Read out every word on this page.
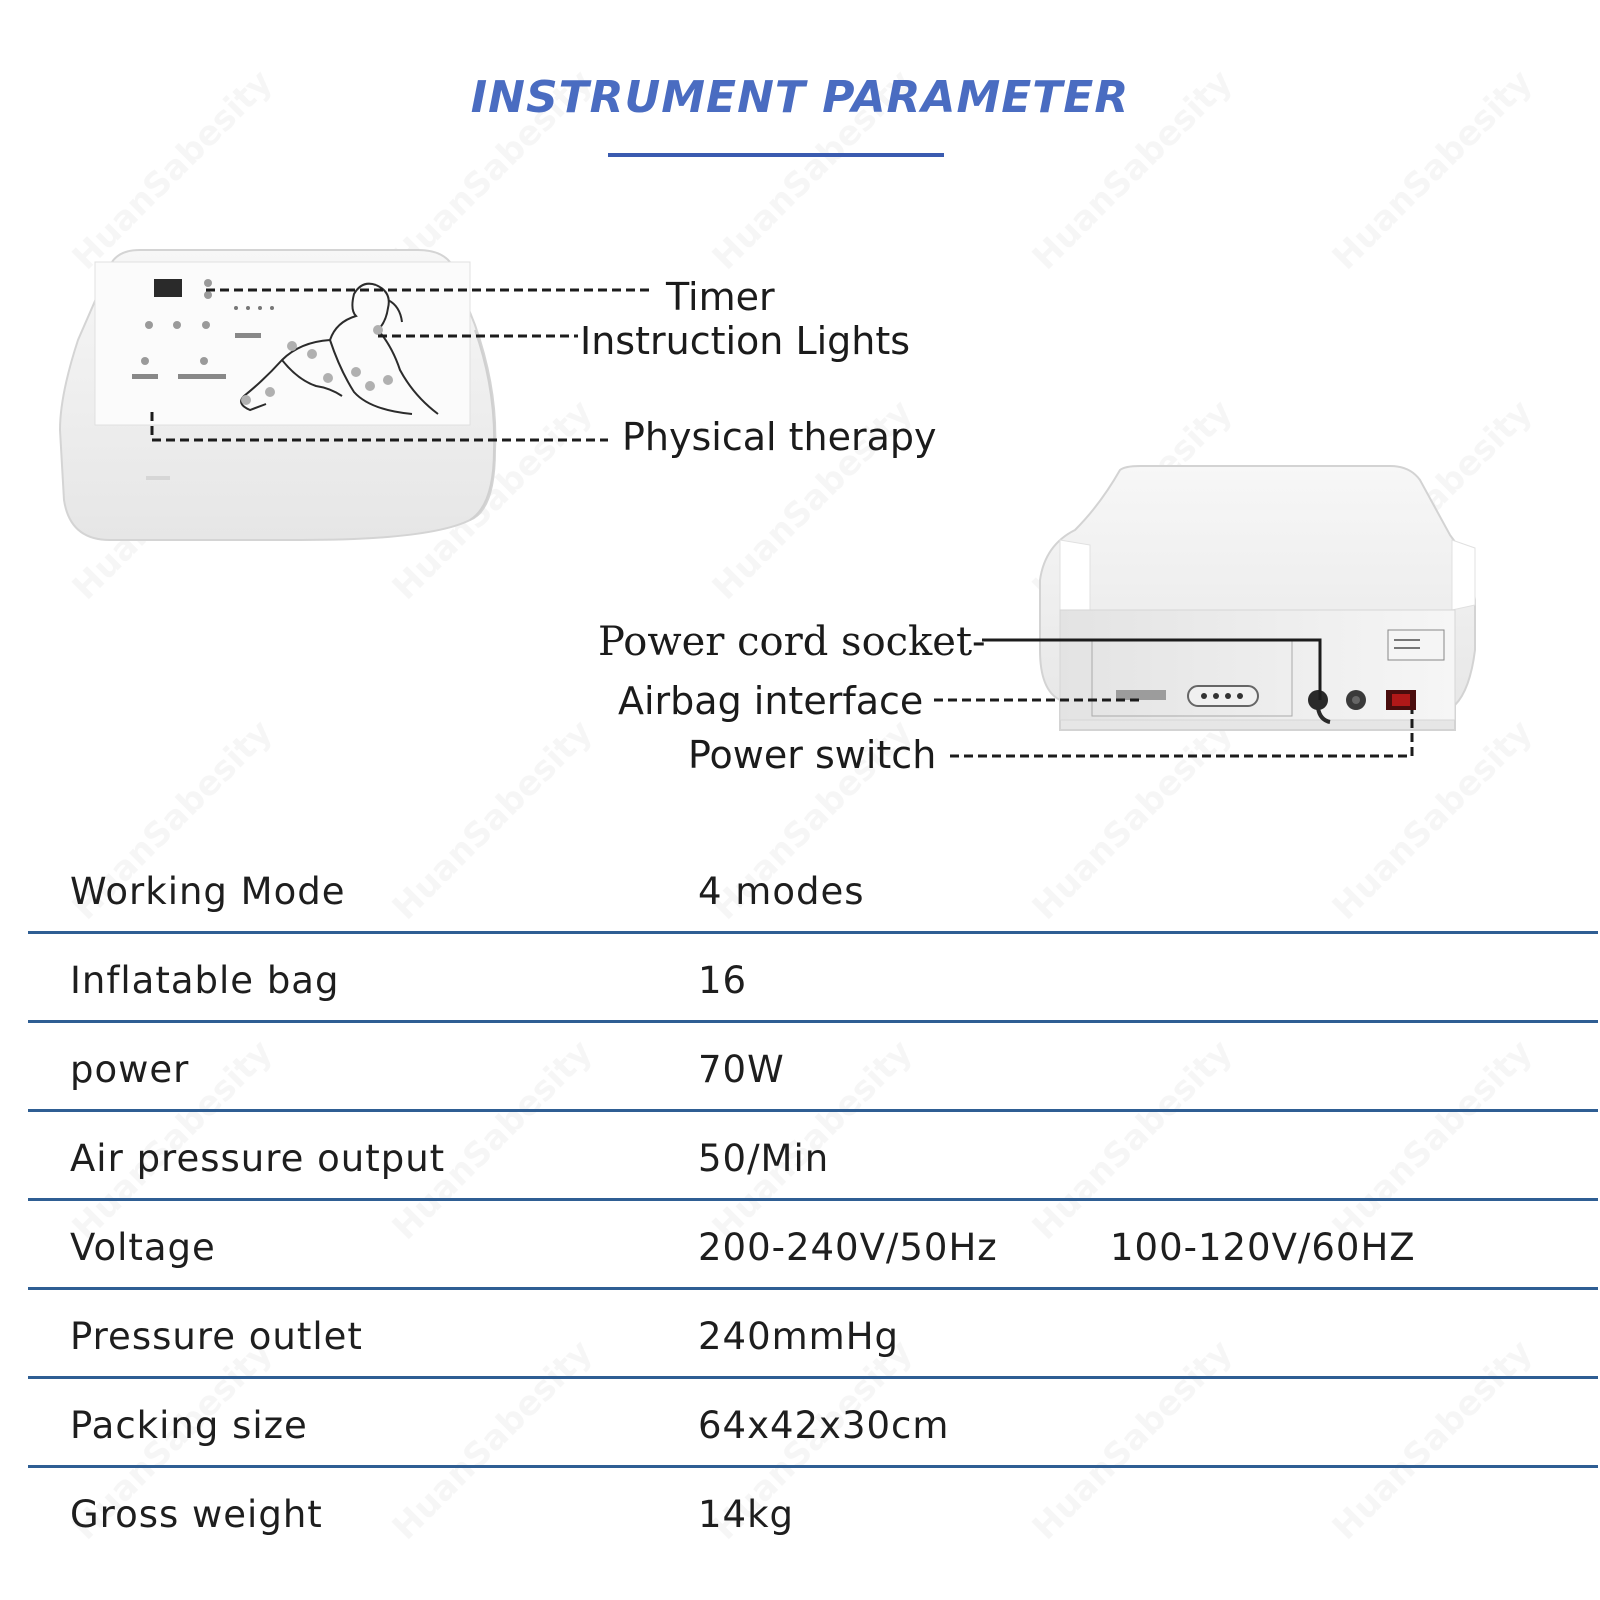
INSTRUMENT PARAMETER
Timer
Instruction Lights
Physical therapy
Power cord socket-
Airbag interface
Power switch
Working Mode	4 modes
Inflatable bag	16
power	70W
Air pressure output	50/Min
Voltage	200-240V/50Hz	100-120V/60HZ
Pressure outlet	240mmHg
Packing size	64x42x30cm
Gross weight	14kg
